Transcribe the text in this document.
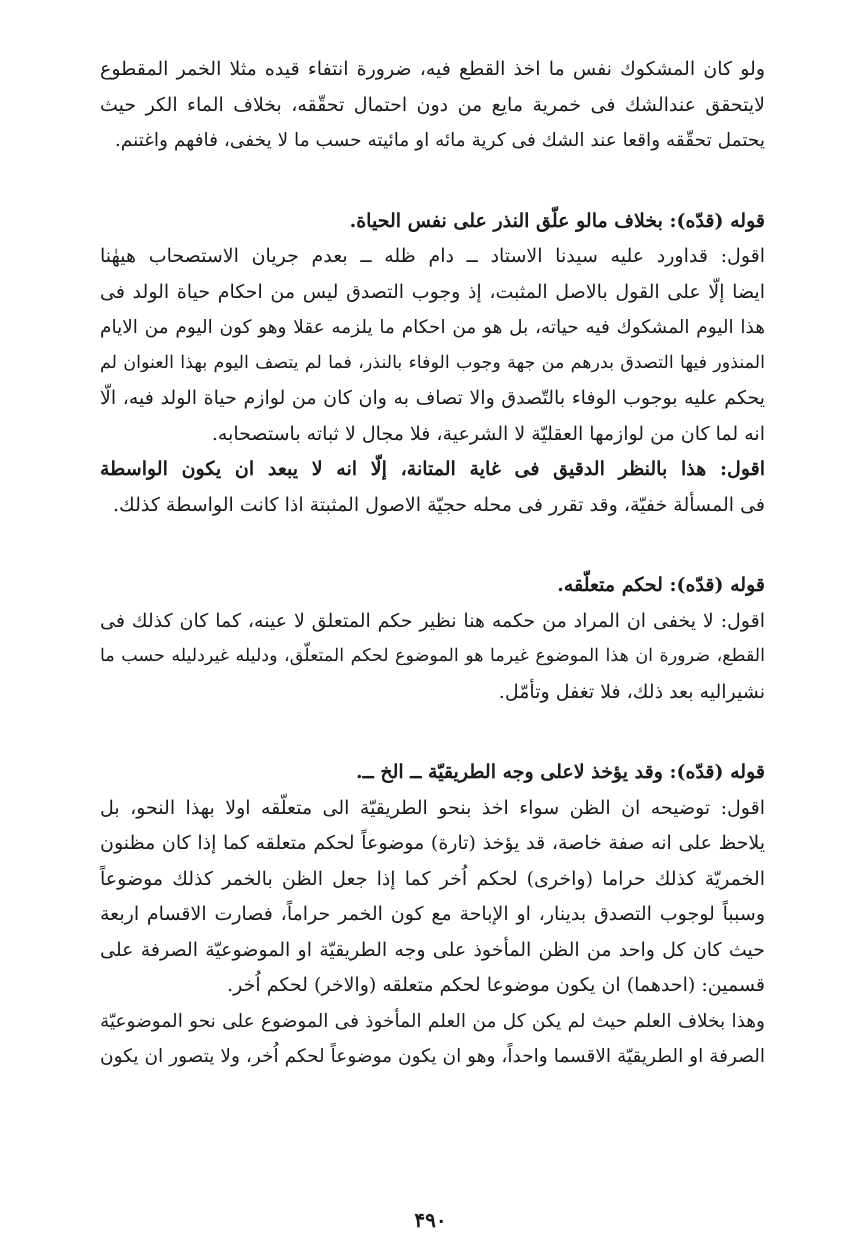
ولو كان المشكوك نفس ما اخذ القطع فيه، ضرورة انتفاء قيده مثلا الخمر المقطوع
لايتحقق عندالشك فى خمرية مايع من دون احتمال تحقّقه، بخلاف الماء الكر حيث
يحتمل تحقّقه واقعا عند الشك فى كرية مائه او مائيته حسب ما لا يخفى، فافهم واغتنم.
قوله (قدّه): بخلاف مالو علّق النذر على نفس الحياة.
اقول: قداورد عليه سيدنا الاستاد ــ دام ظله ــ بعدم جريان الاستصحاب هيهٰنا
ايضا إلّا على القول بالاصل المثبت، إذ وجوب التصدق ليس من احكام حياة الولد فى
هذا اليوم المشكوك فيه حياته، بل هو من احكام ما يلزمه عقلا وهو كون اليوم من الايام
المنذور فيها التصدق بدرهم من جهة وجوب الوفاء بالنذر، فما لم يتصف اليوم بهذا العنوان لم
يحكم عليه بوجوب الوفاء بالتّصدق والا تصاف به وان كان من لوازم حياة الولد فيه، الّا
انه لما كان من لوازمها العقليّة لا الشرعية، فلا مجال لا ثباته باستصحابه.
اقول: هذا بالنظر الدقيق فى غاية المتانة، إلّا انه لا يبعد ان يكون الواسطة
فى المسألة خفيّة، وقد تقرر فى محله حجيّة الاصول المثبتة اذا كانت الواسطة كذلك.
قوله (قدّه): لحكم متعلّقه.
اقول: لا يخفى ان المراد من حكمه هنا نظير حكم المتعلق لا عينه، كما كان كذلك فى
القطع، ضرورة ان هذا الموضوع غيرما هو الموضوع لحكم المتعلّق، ودليله غيردليله حسب ما
نشيراليه بعد ذلك، فلا تغفل وتأمّل.
قوله (قدّه): وقد يؤخذ لاعلى وجه الطريقيّة ــ الخ ــ.
اقول: توضيحه ان الظن سواء اخذ بنحو الطريقيّة الى متعلّقه اولا بهذا النحو، بل
يلاحظ على انه صفة خاصة، قد يؤخذ (تارة) موضوعاً لحكم متعلقه كما إذا كان مظنون
الخمريّة كذلك حراما (واخرى) لحكم اُخر كما إذا جعل الظن بالخمر كذلك موضوعاً
وسبباً لوجوب التصدق بدينار، او الإباحة مع كون الخمر حراماً، فصارت الاقسام اربعة
حيث كان كل واحد من الظن المأخوذ على وجه الطريقيّة او الموضوعيّة الصرفة على
قسمين: (احدهما) ان يكون موضوعا لحكم متعلقه (والاخر) لحكم اُخر.
وهذا بخلاف العلم حيث لم يكن كل من العلم المأخوذ فى الموضوع على نحو الموضوعيّة
الصرفة او الطريقيّة الاقسما واحداً، وهو ان يكون موضوعاً لحكم اُخر، ولا يتصور ان يكون
۴۹۰
